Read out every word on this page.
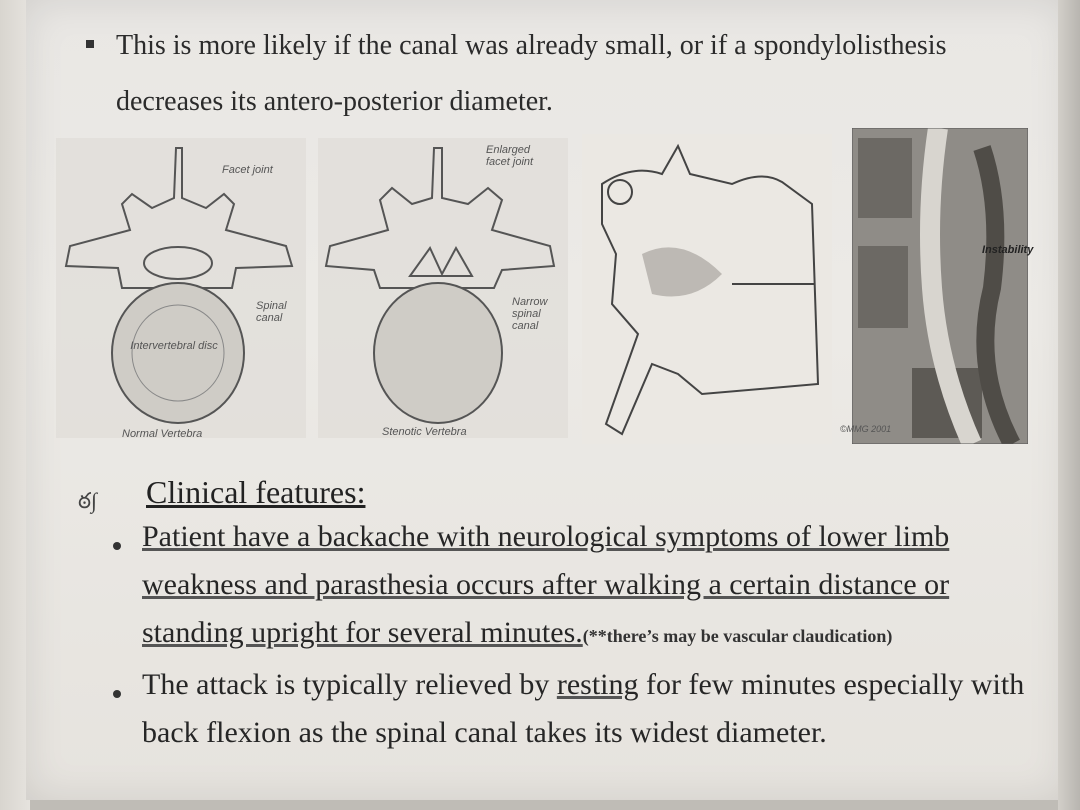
This is more likely if the canal was already small, or if a spondylolisthesis
decreases its antero-posterior diameter.
Facet joint
Spinal canal
Intervertebral disc
Normal Vertebra
Enlarged facet joint
Narrow spinal canal
Stenotic Vertebra
Instability
©MMG 2001
ఠ∫ Clinical features:
Patient have a backache with neurological symptoms of lower limb
weakness and parasthesia occurs after walking a certain distance or
standing upright for several minutes.(**there’s may be vascular claudication)
The attack is typically relieved by resting for few minutes especially with
back flexion as the spinal canal takes its widest diameter.
